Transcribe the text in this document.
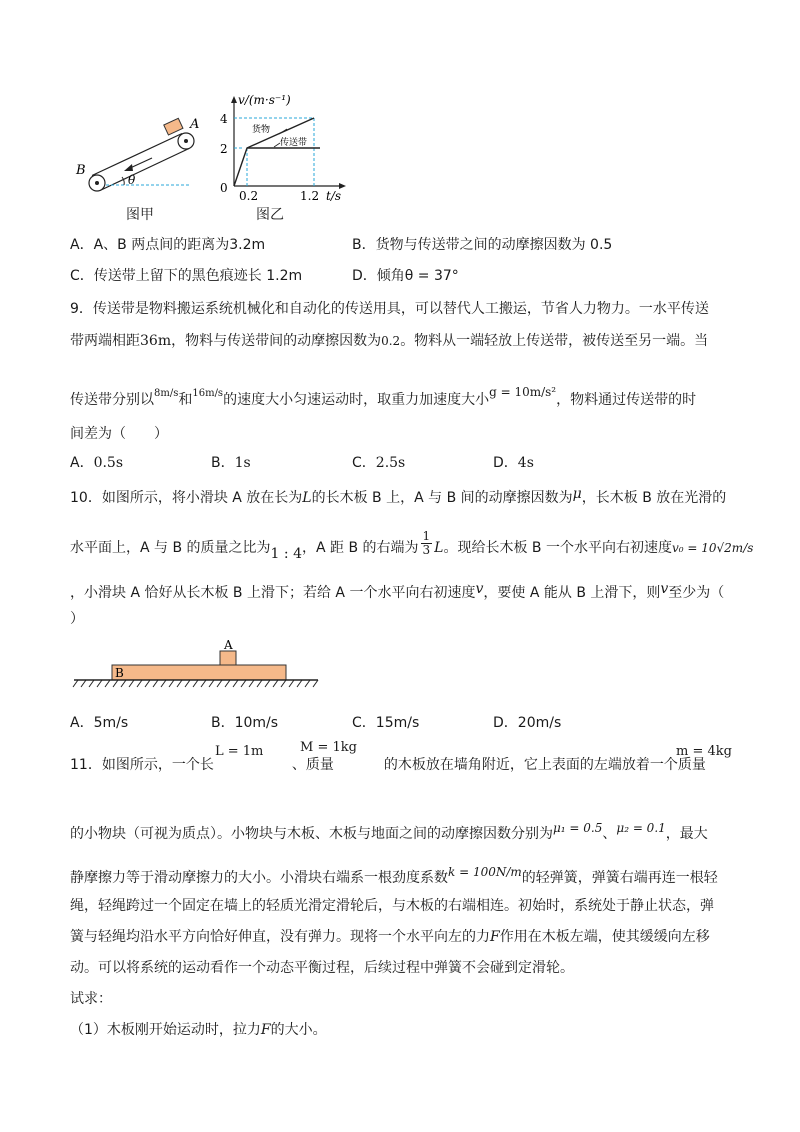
A
B
θ
图甲
v/(m·s⁻¹)
t/s
0
2
4
0.2	1.2
货物
传送带
图乙
A．A、B 两点间的距离为3.2m	B．货物与传送带之间的动摩擦因数为 0.5
C．传送带上留下的黑色痕迹长 1.2m	D．倾角θ = 37°
9．传送带是物料搬运系统机械化和自动化的传送用具，可以替代人工搬运，节省人力物力。一水平传送
带两端相距36m，物料与传送带间的动摩擦因数为0.2。物料从一端轻放上传送带，被传送至另一端。当
传送带分别以$^{8m/s}$和$^{16m/s}$的速度大小匀速运动时，取重力加速度大小g = 10m/s²，物料通过传送带的时
间差为（　　）
A．0.5s	B．1s	C．2.5s	D．4s
10．如图所示，将小滑块 A 放在长为L的长木板 B 上，A 与 B 间的动摩擦因数为μ，长木板 B 放在光滑的
水平面上，A 与 B 的质量之比为1 : 4，A 距 B 的右端为 $\frac{1}{3}$ L。现给长木板 B 一个水平向右初速度v₀ = 10√2m/s
，小滑块 A 恰好从长木板 B 上滑下；若给 A 一个水平向右初速度v，要使 A 能从 B 上滑下，则v至少为（
）
A
B
A．5m/s	B．10m/s	C．15m/s	D．20m/s
L = 1m	M = 1kg	m = 4kg
11．如图所示，一个长	、质量	的木板放在墙角附近，它上表面的左端放着一个质量
的小物块（可视为质点）。小物块与木板、木板与地面之间的动摩擦因数分别为μ₁ = 0.5、μ₂ = 0.1，最大
静摩擦力等于滑动摩擦力的大小。小滑块右端系一根劲度系数k = 100N/m的轻弹簧，弹簧右端再连一根轻
绳，轻绳跨过一个固定在墙上的轻质光滑定滑轮后，与木板的右端相连。初始时，系统处于静止状态，弹
簧与轻绳均沿水平方向恰好伸直，没有弹力。现将一个水平向左的力F作用在木板左端，使其缓缓向左移
动。可以将系统的运动看作一个动态平衡过程，后续过程中弹簧不会碰到定滑轮。
试求：
（1）木板刚开始运动时，拉力F的大小。
